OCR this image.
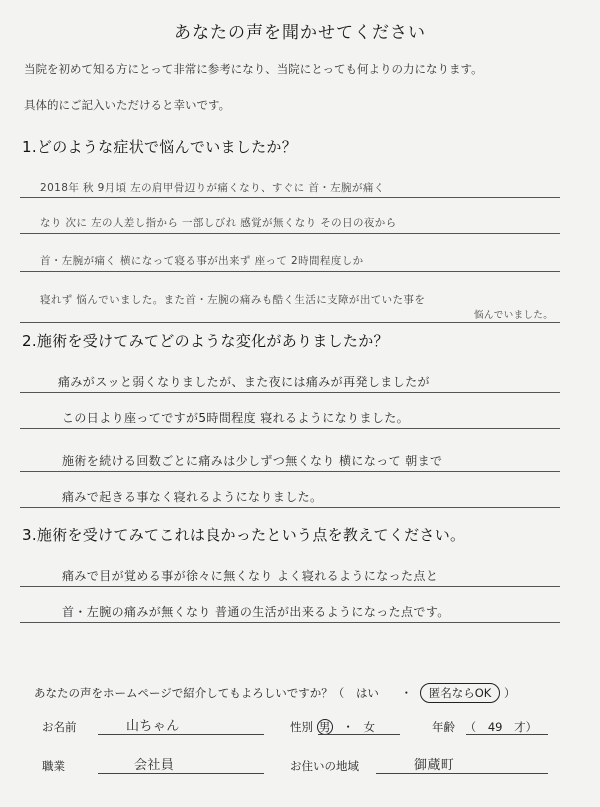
あなたの声を聞かせてください
当院を初めて知る方にとって非常に参考になり、当院にとっても何よりの力になります。
具体的にご記入いただけると幸いです。
1.どのような症状で悩んでいましたか？
2018年 秋 9月頃 左の肩甲骨辺りが痛くなり、すぐに 首・左腕が痛く
なり 次に 左の人差し指から 一部しびれ 感覚が無くなり その日の夜から
首・左腕が痛く 横になって寝る事が出来ず 座って 2時間程度しか
寝れず 悩んでいました。また首・左腕の痛みも酷く生活に支障が出ていた事を
悩んでいました。
2.施術を受けてみてどのような変化がありましたか？
痛みがスッと弱くなりましたが、また夜には痛みが再発しましたが
この日より座ってですが5時間程度 寝れるようになりました。
施術を続ける回数ごとに痛みは少しずつ無くなり 横になって 朝まで
痛みで起きる事なく寝れるようになりました。
3.施術を受けてみてこれは良かったという点を教えてください。
痛みで目が覚める事が徐々に無くなり よく寝れるようになった点と
首・左腕の痛みが無くなり 普通の生活が出来るようになった点です。
あなたの声をホームページで紹介してもよろしいですか？（ はい ・ 匿名ならOK ）
お名前	山ちゃん	性別 男 ・ 女	年齢 （ 49 才）
職業	会社員	お住いの地域	御蔵町
